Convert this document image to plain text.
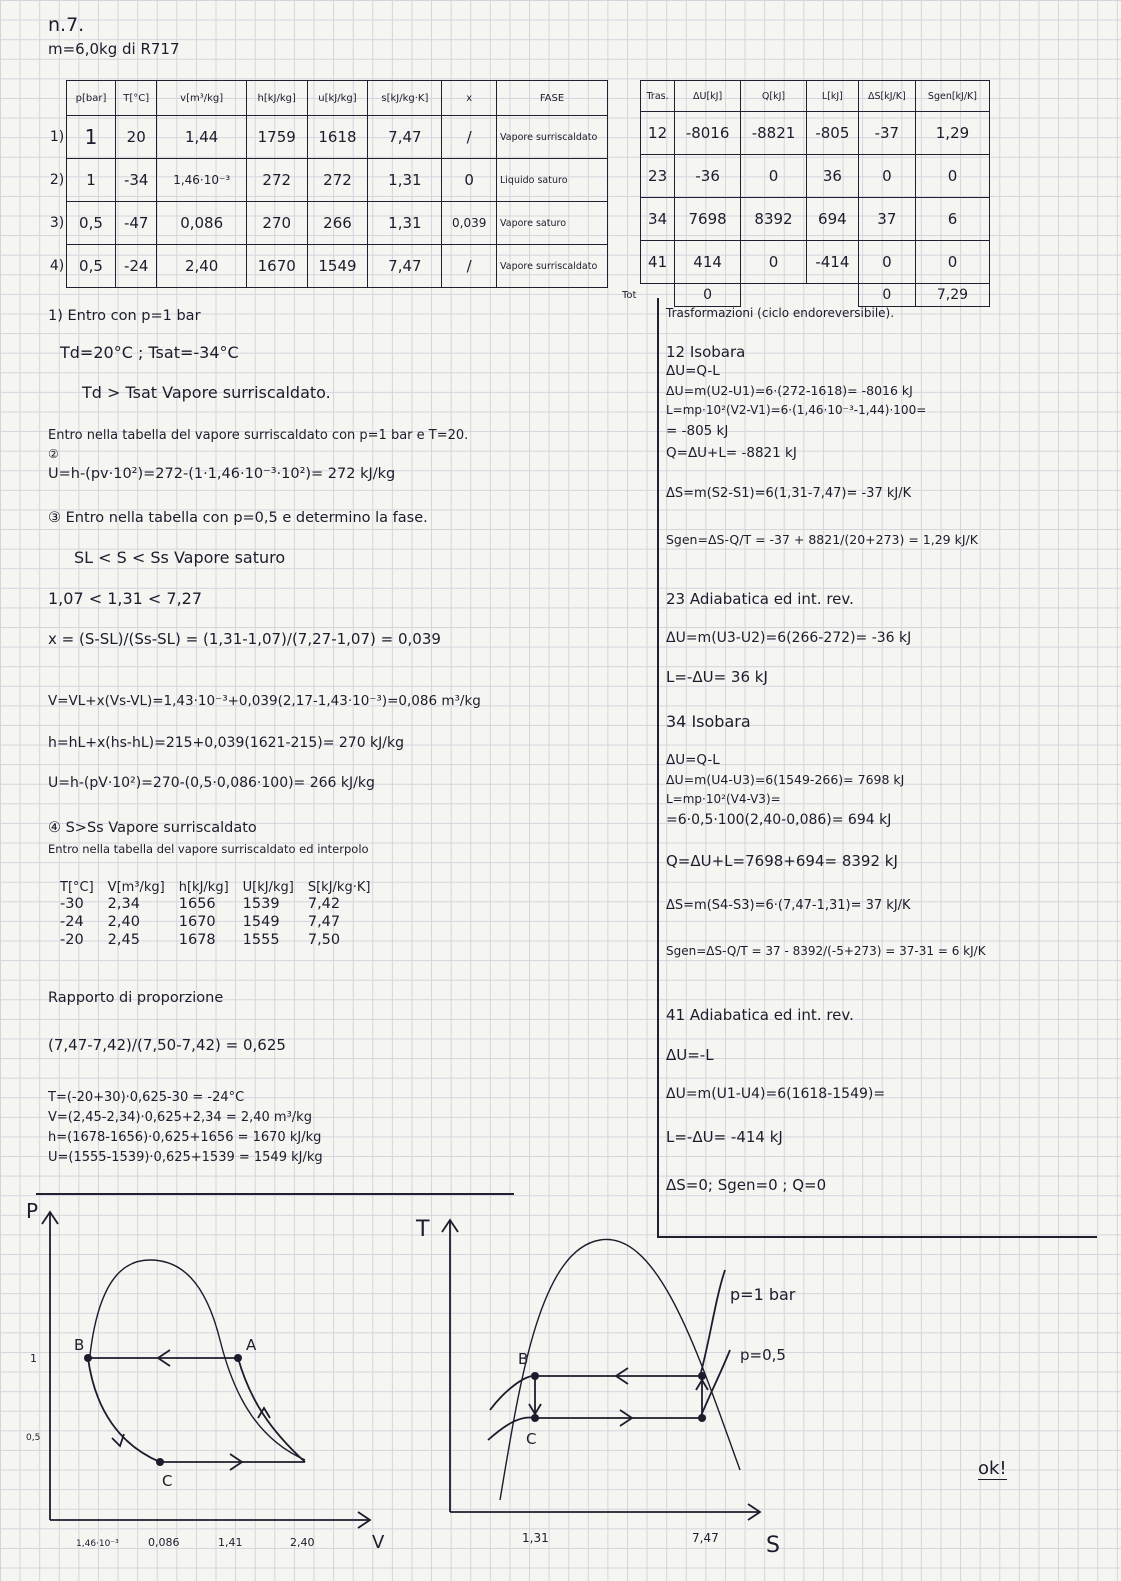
n.7.
m=6,0kg di R717
	p[bar]	T[°C]	v[m³/kg]	h[kJ/kg]	u[kJ/kg]	s[kJ/kg·K]	x	FASE
1)	1	20	1,44	1759	1618	7,47	/	Vapore surriscaldato
2)	1	-34	1,46·10⁻³	272	272	1,31	0	Liquido saturo
3)	0,5	-47	0,086	270	266	1,31	0,039	Vapore saturo
4)	0,5	-24	2,40	1670	1549	7,47	/	Vapore surriscaldato
Tras.	ΔU[kJ]	Q[kJ]	L[kJ]	ΔS[kJ/K]	Sgen[kJ/K]
12	-8016	-8821	-805	-37	1,29
23	-36	0	36	0	0
34	7698	8392	694	37	6
41	414	0	-414	0	0
	0			0	7,29
Tot
1) Entro con p=1 bar
Td=20°C ; Tsat=-34°C
Td > Tsat Vapore surriscaldato.
Entro nella tabella del vapore surriscaldato con p=1 bar e T=20.
②
U=h-(pv·10²)=272-(1·1,46·10⁻³·10²)= 272 kJ/kg
③ Entro nella tabella con p=0,5 e determino la fase.
SL < S < Ss Vapore saturo
1,07 < 1,31 < 7,27
x = (S-SL)/(Ss-SL) = (1,31-1,07)/(7,27-1,07) = 0,039
V=VL+x(Vs-VL)=1,43·10⁻³+0,039(2,17-1,43·10⁻³)=0,086 m³/kg
h=hL+x(hs-hL)=215+0,039(1621-215)= 270 kJ/kg
U=h-(pV·10²)=270-(0,5·0,086·100)= 266 kJ/kg
④ S>Ss Vapore surriscaldato
Entro nella tabella del vapore surriscaldato ed interpolo
T[°C]	V[m³/kg]	h[kJ/kg]	U[kJ/kg]	S[kJ/kg·K]
-30	2,34	1656	1539	7,42
-24	2,40	1670	1549	7,47
-20	2,45	1678	1555	7,50
Rapporto di proporzione
(7,47-7,42)/(7,50-7,42) = 0,625
T=(-20+30)·0,625-30 = -24°C
V=(2,45-2,34)·0,625+2,34 = 2,40 m³/kg
h=(1678-1656)·0,625+1656 = 1670 kJ/kg
U=(1555-1539)·0,625+1539 = 1549 kJ/kg
Trasformazioni (ciclo endoreversibile).
12 Isobara
ΔU=Q-L
ΔU=m(U2-U1)=6·(272-1618)= -8016 kJ
L=mp·10²(V2-V1)=6·(1,46·10⁻³-1,44)·100=
= -805 kJ
Q=ΔU+L= -8821 kJ
ΔS=m(S2-S1)=6(1,31-7,47)= -37 kJ/K
Sgen=ΔS-Q/T = -37 + 8821/(20+273) = 1,29 kJ/K
23 Adiabatica ed int. rev.
ΔU=m(U3-U2)=6(266-272)= -36 kJ
L=-ΔU= 36 kJ
34 Isobara
ΔU=Q-L
ΔU=m(U4-U3)=6(1549-266)= 7698 kJ
L=mp·10²(V4-V3)=
=6·0,5·100(2,40-0,086)= 694 kJ
Q=ΔU+L=7698+694= 8392 kJ
ΔS=m(S4-S3)=6·(7,47-1,31)= 37 kJ/K
Sgen=ΔS-Q/T = 37 - 8392/(-5+273) = 37-31 = 6 kJ/K
41 Adiabatica ed int. rev.
ΔU=-L
ΔU=m(U1-U4)=6(1618-1549)=
L=-ΔU= -414 kJ
ΔS=0; Sgen=0 ; Q=0
P
V
1
0,5
1,46·10⁻³	0,086	1,41	2,40
B	A
C
T
S
1,31	7,47
B
C
p=1 bar
p=0,5
ok!
